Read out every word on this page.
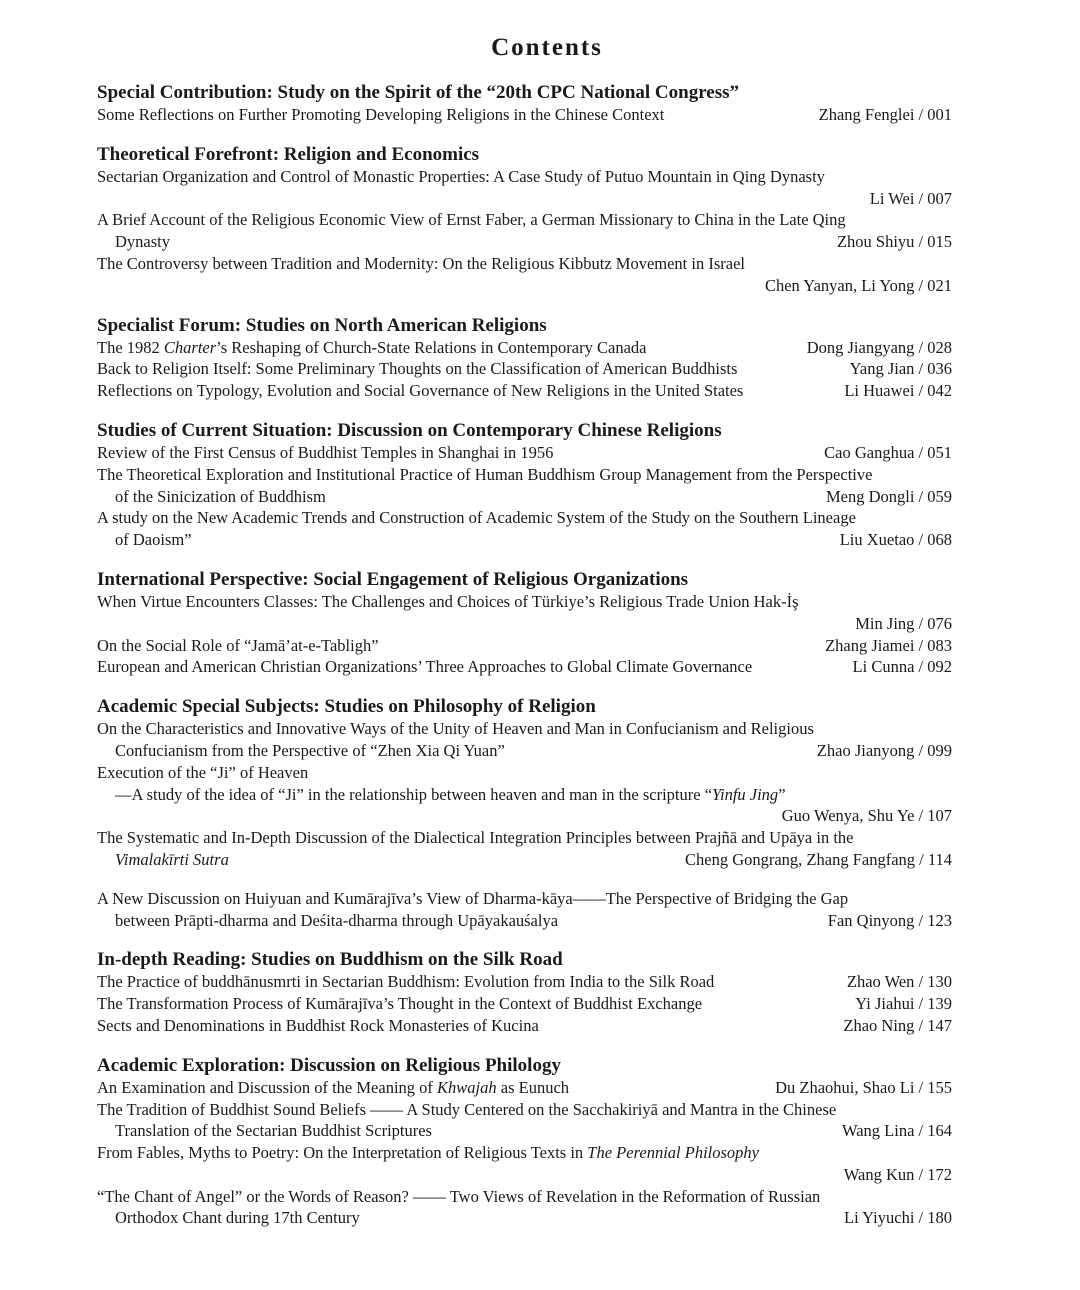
Contents
Special Contribution: Study on the Spirit of the “20th CPC National Congress”
Some Reflections on Further Promoting Developing Religions in the Chinese Context	Zhang Fenglei / 001
Theoretical Forefront: Religion and Economics
Sectarian Organization and Control of Monastic Properties: A Case Study of Putuo Mountain in Qing Dynasty
Li Wei / 007
A Brief Account of the Religious Economic View of Ernst Faber, a German Missionary to China in the Late Qing
Dynasty	Zhou Shiyu / 015
The Controversy between Tradition and Modernity: On the Religious Kibbutz Movement in Israel
Chen Yanyan, Li Yong / 021
Specialist Forum: Studies on North American Religions
The 1982 Charter’s Reshaping of Church-State Relations in Contemporary Canada	Dong Jiangyang / 028
Back to Religion Itself: Some Preliminary Thoughts on the Classification of American Buddhists	Yang Jian / 036
Reflections on Typology, Evolution and Social Governance of New Religions in the United States	Li Huawei / 042
Studies of Current Situation: Discussion on Contemporary Chinese Religions
Review of the First Census of Buddhist Temples in Shanghai in 1956	Cao Ganghua / 051
The Theoretical Exploration and Institutional Practice of Human Buddhism Group Management from the Perspective
of the Sinicization of Buddhism	Meng Dongli / 059
A study on the New Academic Trends and Construction of Academic System of the Study on the Southern Lineage
of Daoism”	Liu Xuetao / 068
International Perspective: Social Engagement of Religious Organizations
When Virtue Encounters Classes: The Challenges and Choices of Türkiye’s Religious Trade Union Hak-İş
Min Jing / 076
On the Social Role of “Jamā’at-e-Tabligh”	Zhang Jiamei / 083
European and American Christian Organizations’ Three Approaches to Global Climate Governance	Li Cunna / 092
Academic Special Subjects: Studies on Philosophy of Religion
On the Characteristics and Innovative Ways of the Unity of Heaven and Man in Confucianism and Religious
Confucianism from the Perspective of “Zhen Xia Qi Yuan”	Zhao Jianyong / 099
Execution of the “Ji” of Heaven
—A study of the idea of “Ji” in the relationship between heaven and man in the scripture “Yinfu Jing”
Guo Wenya, Shu Ye / 107
The Systematic and In-Depth Discussion of the Dialectical Integration Principles between Prajñā and Upāya in the
Vimalakīrti Sutra	Cheng Gongrang, Zhang Fangfang / 114
A New Discussion on Huiyuan and Kumārajīva’s View of Dharma-kāya——The Perspective of Bridging the Gap
between Prāpti-dharma and Deśita-dharma through Upāyakauśalya	Fan Qinyong / 123
In-depth Reading: Studies on Buddhism on the Silk Road
The Practice of buddhānusmrti in Sectarian Buddhism: Evolution from India to the Silk Road	Zhao Wen / 130
The Transformation Process of Kumārajīva’s Thought in the Context of Buddhist Exchange	Yi Jiahui / 139
Sects and Denominations in Buddhist Rock Monasteries of Kucina	Zhao Ning / 147
Academic Exploration: Discussion on Religious Philology
An Examination and Discussion of the Meaning of Khwajah as Eunuch	Du Zhaohui, Shao Li / 155
The Tradition of Buddhist Sound Beliefs —— A Study Centered on the Sacchakiriyā and Mantra in the Chinese
Translation of the Sectarian Buddhist Scriptures	Wang Lina / 164
From Fables, Myths to Poetry: On the Interpretation of Religious Texts in The Perennial Philosophy
Wang Kun / 172
“The Chant of Angel” or the Words of Reason? —— Two Views of Revelation in the Reformation of Russian
Orthodox Chant during 17th Century	Li Yiyuchi / 180
